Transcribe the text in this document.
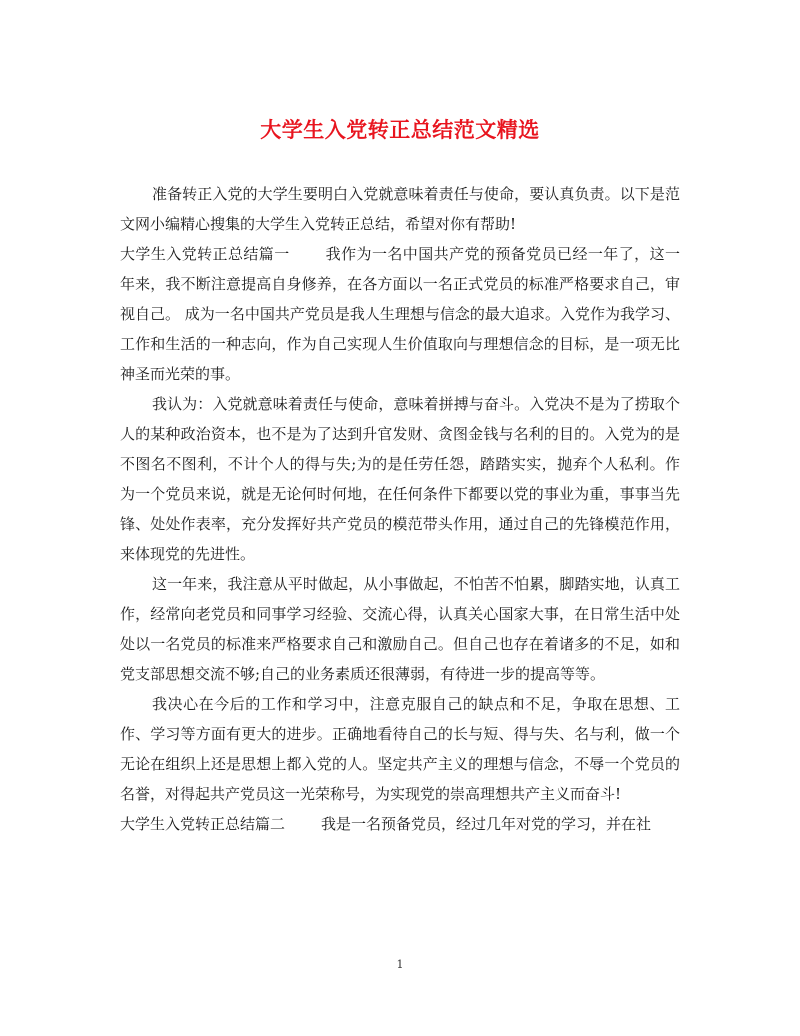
大学生入党转正总结范文精选

准备转正入党的大学生要明白入党就意味着责任与使命，要认真负责。以下是范文网小编精心搜集的大学生入党转正总结，希望对你有帮助!

大学生入党转正总结篇一 我作为一名中国共产党的预备党员已经一年了，这一年来，我不断注意提高自身修养，在各方面以一名正式党员的标准严格要求自己，审视自己。 成为一名中国共产党员是我人生理想与信念的最大追求。入党作为我学习、工作和生活的一种志向，作为自己实现人生价值取向与理想信念的目标，是一项无比神圣而光荣的事。

我认为：入党就意味着责任与使命，意味着拼搏与奋斗。入党决不是为了捞取个人的某种政治资本，也不是为了达到升官发财、贪图金钱与名利的目的。入党为的是不图名不图利，不计个人的得与失;为的是任劳任怨，踏踏实实，抛弃个人私利。作为一个党员来说，就是无论何时何地，在任何条件下都要以党的事业为重，事事当先锋、处处作表率，充分发挥好共产党员的模范带头作用，通过自己的先锋模范作用，来体现党的先进性。

这一年来，我注意从平时做起，从小事做起，不怕苦不怕累，脚踏实地，认真工作，经常向老党员和同事学习经验、交流心得，认真关心国家大事，在日常生活中处处以一名党员的标准来严格要求自己和激励自己。但自己也存在着诸多的不足，如和党支部思想交流不够;自己的业务素质还很薄弱，有待进一步的提高等等。

我决心在今后的工作和学习中，注意克服自己的缺点和不足，争取在思想、工作、学习等方面有更大的进步。正确地看待自己的长与短、得与失、名与利，做一个无论在组织上还是思想上都入党的人。坚定共产主义的理想与信念，不辱一个党员的名誉，对得起共产党员这一光荣称号，为实现党的崇高理想共产主义而奋斗!

大学生入党转正总结篇二 我是一名预备党员，经过几年对党的学习，并在社

1
